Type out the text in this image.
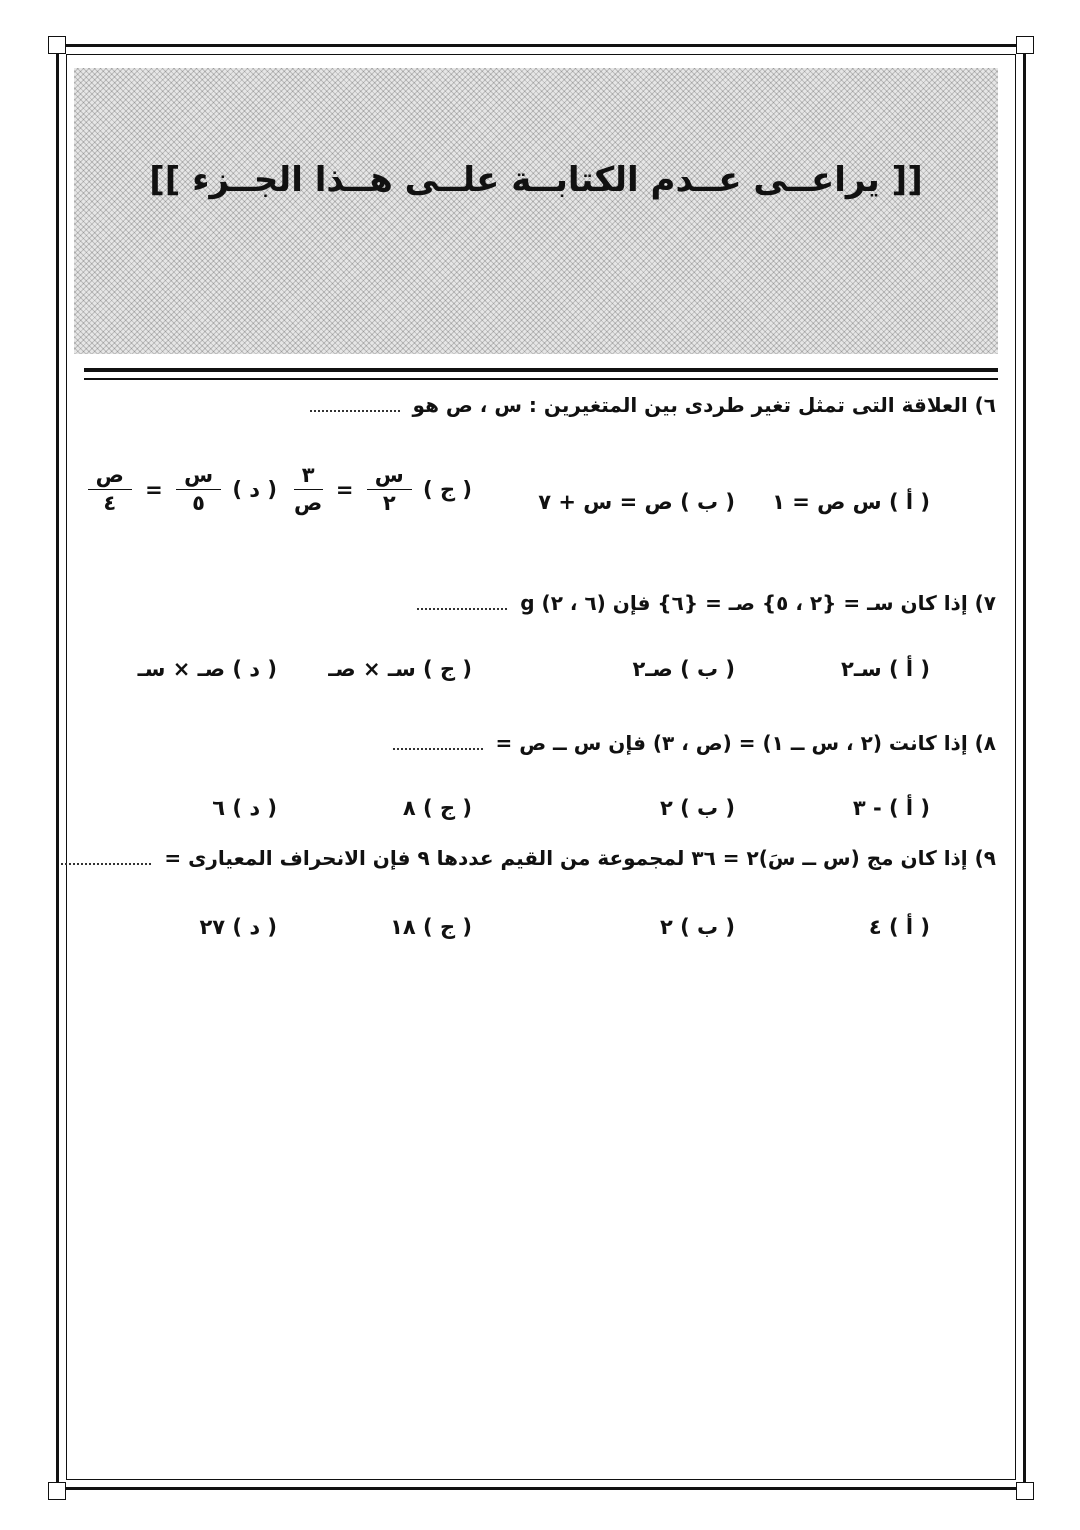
[[ يراعــى عــدم الكتابــة علــى هــذا الجــزء ]]
٦) العلاقة التى تمثل تغير طردى بين المتغيرين : س ، ص هو
( أ ) س ص = ١
( ب ) ص = س + ٧
( ج )
$\frac{\text{س}}{٢}$
=
$\frac{٣}{\text{ص}}$
( د )
$\frac{\text{س}}{٥}$
=
$\frac{\text{ص}}{٤}$
٧) إذا كان سـ = {٢ ، ٥} صـ = {٦} فإن (٦ ، ٢) g
( أ ) سـ٢
( ب ) صـ٢
( ج ) سـ × صـ
( د ) صـ × سـ
٨) إذا كانت (٢ ، س ــ ١) = (ص ، ٣) فإن س ــ ص =
( أ ) - ٣
( ب ) ٢
( ج ) ٨
( د ) ٦
٩) إذا كان مج (س ــ سَ)٢ = ٣٦ لمجموعة من القيم عددها ٩ فإن الانحراف المعيارى =
( أ ) ٤
( ب ) ٢
( ج ) ١٨
( د ) ٢٧
